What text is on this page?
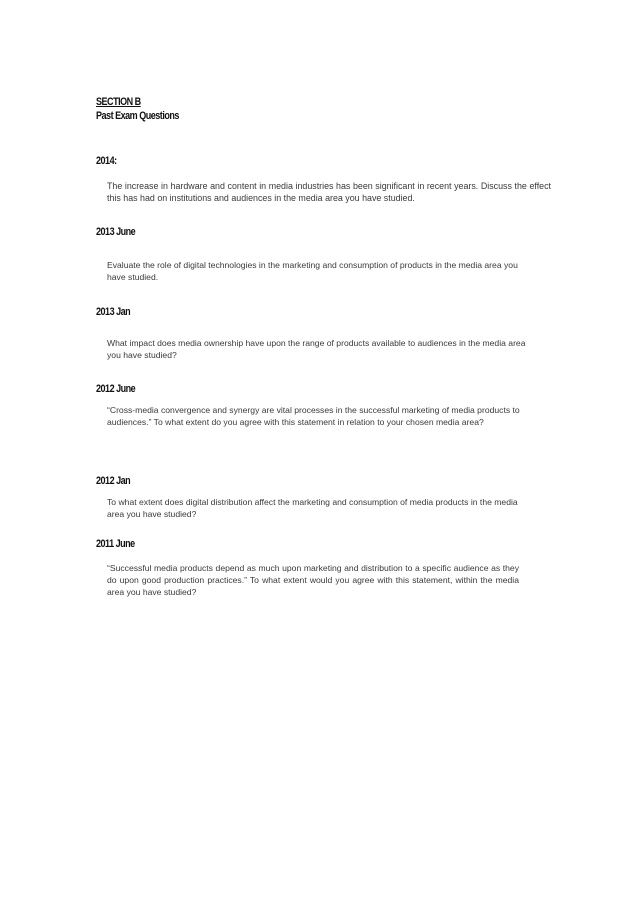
SECTION B
Past Exam Questions
2014:

The increase in hardware and content in media industries has been significant in recent years. Discuss the effect this has had on institutions and audiences in the media area you have studied.

2013 June

Evaluate the role of digital technologies in the marketing and consumption of products in the media area you have studied.

2013 Jan

What impact does media ownership have upon the range of products available to audiences in the media area you have studied?

2012 June

“Cross-media convergence and synergy are vital processes in the successful marketing of media products to audiences.” To what extent do you agree with this statement in relation to your chosen media area?

2012 Jan

To what extent does digital distribution affect the marketing and consumption of media products in the media area you have studied?

2011 June

“Successful media products depend as much upon marketing and distribution to a specific audience as they do upon good production practices.” To what extent would you agree with this statement, within the media area you have studied?
